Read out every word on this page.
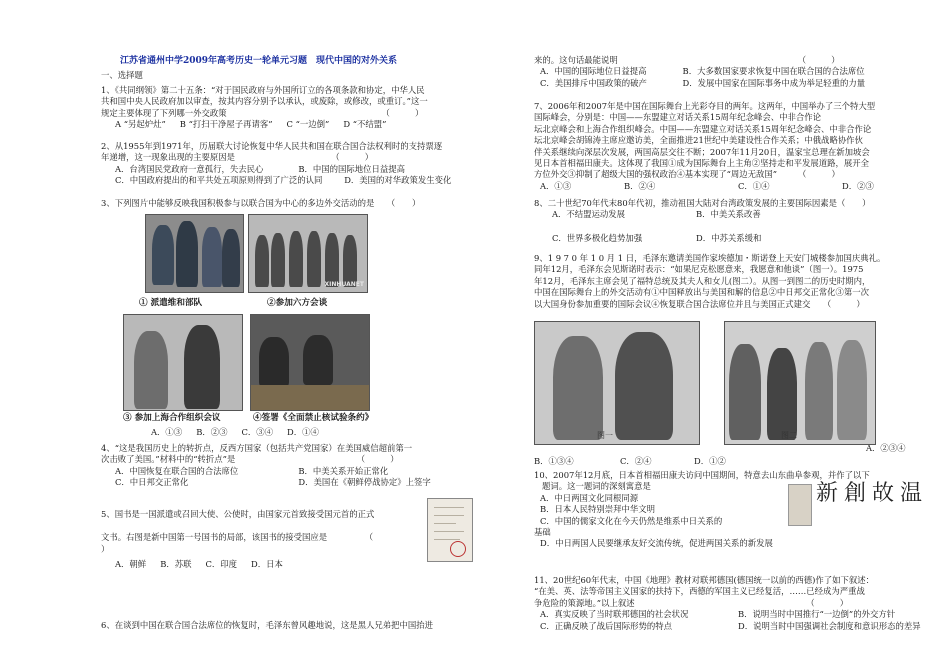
江苏省通州中学2009年高考历史一轮单元习题　现代中国的对外关系

一、选择题

1、《共同纲领》第二十五条：“对于国民政府与外国所订立的各项条款和协定，中华人民

共和国中央人民政府加以审查，按其内容分别予以承认，或废除，或修改，或重订。”这一

规定主要体现了下列哪一外交政策　　　　　　　　　　　　　　　　　　　（　　　）

A “另起炉灶” B “打扫干净屋子再请客” C “一边倒” D “不结盟”

2、从1955年到1971年，历届联大讨论恢复中华人民共和国在联合国合法权利时的支持票逐

年递增，这一现象出现的主要原因是　　　　　　　　　　　　（　　　）

A．台湾国民党政府一意孤行，失去民心	B．中国的国际地位日益提高
C．中国政府提出的和平共处五项原则得到了广泛的认同	D．美国的对华政策发生变化

3、下列图片中能够反映我国积极参与以联合国为中心的多边外交活动的是　　（　　）

XINHUANET
① 派遣维和部队	②参加六方会谈
③ 参加上海合作组织会议	④签署《全面禁止核试验条约》
A．①③ B．②③ C．③④ D．①④

4、“这是我国历史上的转折点，反西方国家（包括共产党国家）在美国威信超前第一

次击败了美国。”材料中的“转折点”是　　　　　　　　　　　　　　　（　　　）

A．中国恢复在联合国的合法席位	B．中美关系开始正常化
C．中日邦交正常化	D．美国在《朝鲜停战协定》上签字

5、国书是一国派遣或召回大使、公使时，由国家元首致接受国元首的正式

文书。右图是新中国第一号国书的局部，该国书的接受国应是　　　　　（

）

A．朝鲜 B．苏联 C．印度 D．日本

6、在谈到中国在联合国合法席位的恢复时，毛泽东曾风趣地说，这是黑人兄弟把中国抬进

来的。这句话最能说明　　　　　　　　　　　　　　　　　　　　　　（　　　）

A．中国的国际地位日益提高	B．大多数国家要求恢复中国在联合国的合法席位
C．美国排斥中国政策的破产	D．发展中国家在国际事务中成为举足轻重的力量

7、2006年和2007年是中国在国际舞台上光彩夺目的两年。这两年，中国举办了三个特大型

国际峰会，分别是：中国——东盟建立对话关系15周年纪念峰会、中非合作论

坛北京峰会和上海合作组织峰会。中国——东盟建立对话关系15周年纪念峰会、中非合作论

坛北京峰会胡锦涛主席应邀访美，全面推进21世纪中美建设性合作关系；中俄战略协作伙

伴关系继续向深层次发展，两国高层交往不断；2007年11月20日，温家宝总理在新加坡会

见日本首相福田康夫。这体现了我国①成为国际舞台上主角②坚持走和平发展道路，展开全

方位外交③抑制了超级大国的强权政治④基本实现了“周边无敌国”　　　（　　　）

A．①③	B．②④	C．①④	D．②③

8、二十世纪70年代末80年代初，推动祖国大陆对台湾政策发展的主要国际因素是（　　）

A．不结盟运动发展	B．中美关系改善
C．世界多极化趋势加强	D．中苏关系缓和

9、1 9 7 0 年 1 0 月 1 日，毛泽东邀请美国作家埃德加・斯诺登上天安门城楼参加国庆典礼。

同年12月，毛泽东会见斯诺时表示：“如果尼克松愿意来，我愿意和他谈”（图一）。1975

年12月，毛泽东主席会见了福特总统及其夫人和女儿(图二）。从图一到图二的历史时期内，

中国在国际舞台上的外交活动有①中国释放出与美国和解的信息②中日邦交正常化③第一次

以大国身份参加重要的国际会议④恢复联合国合法席位并且与美国正式建交　　（　　　）

图一	图二
A．②③④
B．①③④	C．②④	D．①②

10、2007年12月底，日本首相福田康夫访问中国期间，特意去山东曲阜参观，并作了以下

题词。这一题词的深刻寓意是

A．中日两国文化同根同源

B．日本人民特别崇拜中华文明

C．中国的儒家文化在今天仍然是维系中日关系的

基础

D．中日两国人民要继承友好交流传统，促进两国关系的新发展

新創故温

11、20世纪60年代末，中国《地理》教材对联邦德国(德国统一以前的西德)作了如下叙述：

“在美、英、法等帝国主义国家的扶持下，西德的军国主义已经复活，……已经成为严重战

争危险的策源地。”以上叙述　　　　　　　　　　　　　　　　　　　　　（　　　）

A．真实反映了当时联邦德国的社会状况	B．说明当时中国推行“一边倒”的外交方针
C．正确反映了战后国际形势的特点	D．说明当时中国强调社会制度和意识形态的差异
